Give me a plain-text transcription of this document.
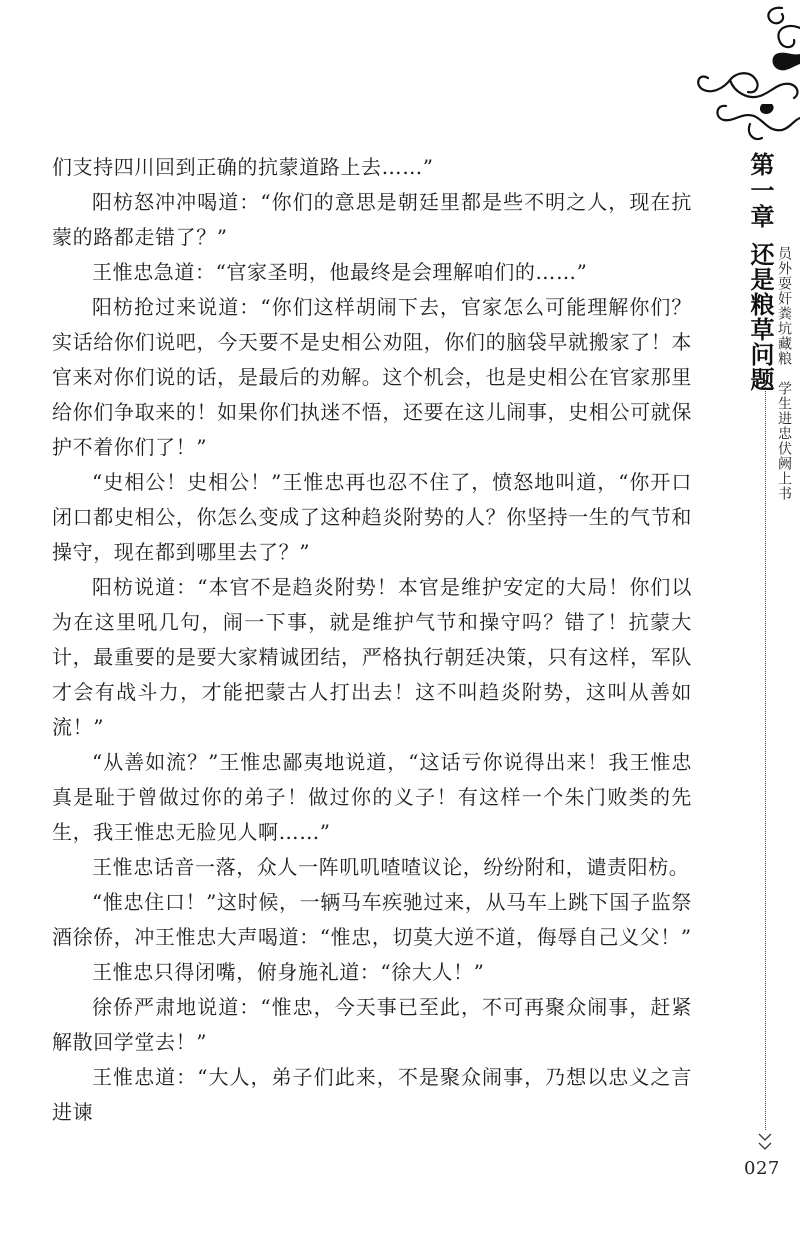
们支持四川回到正确的抗蒙道路上去……”

阳枋怒冲冲喝道：“你们的意思是朝廷里都是些不明之人，现在抗蒙的路都走错了？”

王惟忠急道：“官家圣明，他最终是会理解咱们的……”

阳枋抢过来说道：“你们这样胡闹下去，官家怎么可能理解你们？实话给你们说吧，今天要不是史相公劝阻，你们的脑袋早就搬家了！本官来对你们说的话，是最后的劝解。这个机会，也是史相公在官家那里给你们争取来的！如果你们执迷不悟，还要在这儿闹事，史相公可就保护不着你们了！”

“史相公！史相公！”王惟忠再也忍不住了，愤怒地叫道，“你开口闭口都史相公，你怎么变成了这种趋炎附势的人？你坚持一生的气节和操守，现在都到哪里去了？”

阳枋说道：“本官不是趋炎附势！本官是维护安定的大局！你们以为在这里吼几句，闹一下事，就是维护气节和操守吗？错了！抗蒙大计，最重要的是要大家精诚团结，严格执行朝廷决策，只有这样，军队才会有战斗力，才能把蒙古人打出去！这不叫趋炎附势，这叫从善如流！”

“从善如流？”王惟忠鄙夷地说道，“这话亏你说得出来！我王惟忠真是耻于曾做过你的弟子！做过你的义子！有这样一个朱门败类的先生，我王惟忠无脸见人啊……”

王惟忠话音一落，众人一阵叽叽喳喳议论，纷纷附和，谴责阳枋。

“惟忠住口！”这时候，一辆马车疾驰过来，从马车上跳下国子监祭酒徐侨，冲王惟忠大声喝道：“惟忠，切莫大逆不道，侮辱自己义父！”

王惟忠只得闭嘴，俯身施礼道：“徐大人！”

徐侨严肃地说道：“惟忠，今天事已至此，不可再聚众闹事，赶紧解散回学堂去！”

王惟忠道：“大人，弟子们此来，不是聚众闹事，乃想以忠义之言进谏

第一章
还是粮草问题 员外耍奸粪坑藏粮　学生进忠伏阙上书
027
